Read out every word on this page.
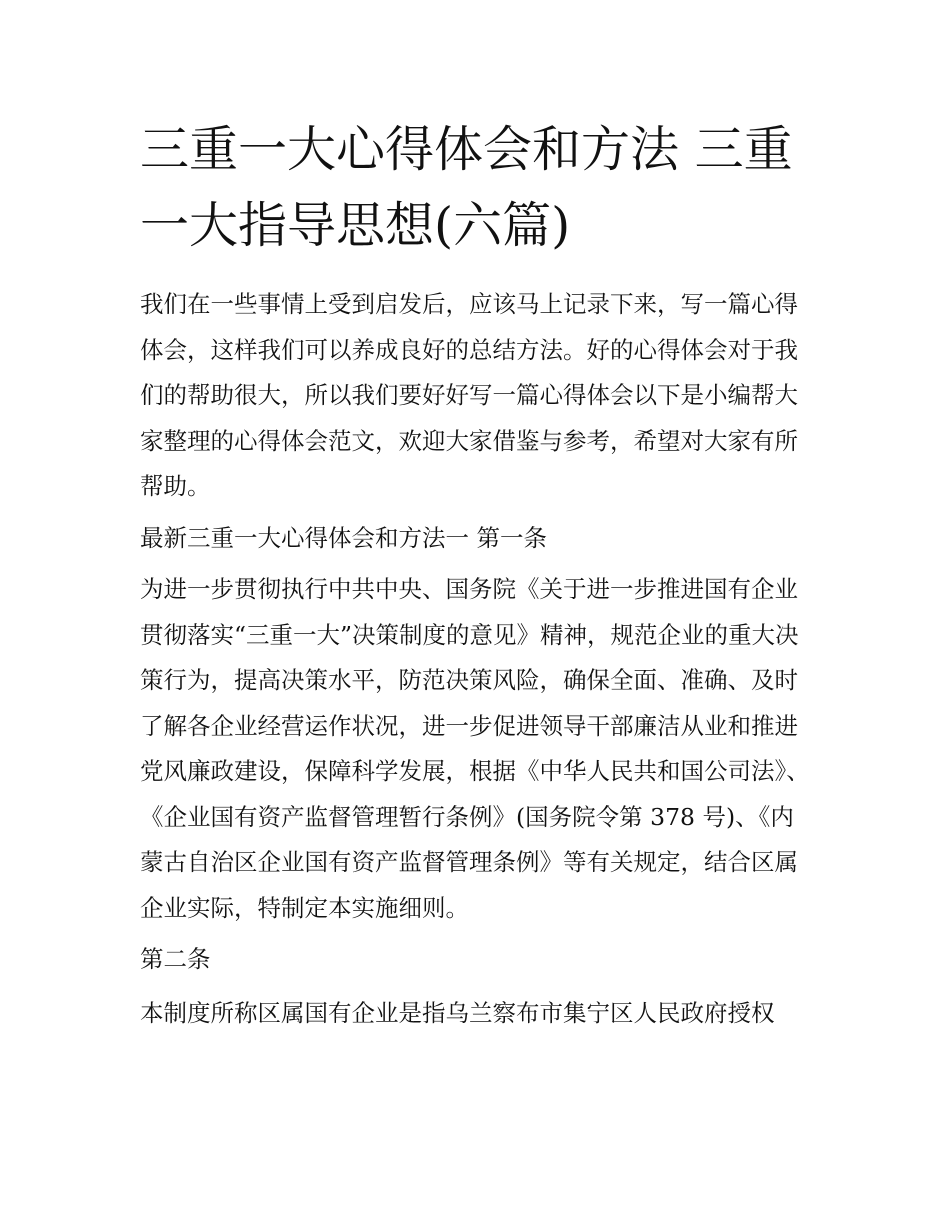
三重一大心得体会和方法 三重一大指导思想(六篇)

我们在一些事情上受到启发后，应该马上记录下来，写一篇心得体会，这样我们可以养成良好的总结方法。好的心得体会对于我们的帮助很大，所以我们要好好写一篇心得体会以下是小编帮大家整理的心得体会范文，欢迎大家借鉴与参考，希望对大家有所帮助。

最新三重一大心得体会和方法一 第一条

为进一步贯彻执行中共中央、国务院《关于进一步推进国有企业贯彻落实“三重一大”决策制度的意见》精神，规范企业的重大决策行为，提高决策水平，防范决策风险，确保全面、准确、及时了解各企业经营运作状况，进一步促进领导干部廉洁从业和推进党风廉政建设，保障科学发展，根据《中华人民共和国公司法》、《企业国有资产监督管理暂行条例》(国务院令第 378 号)、《内蒙古自治区企业国有资产监督管理条例》等有关规定，结合区属企业实际，特制定本实施细则。

第二条

本制度所称区属国有企业是指乌兰察布市集宁区人民政府授权
